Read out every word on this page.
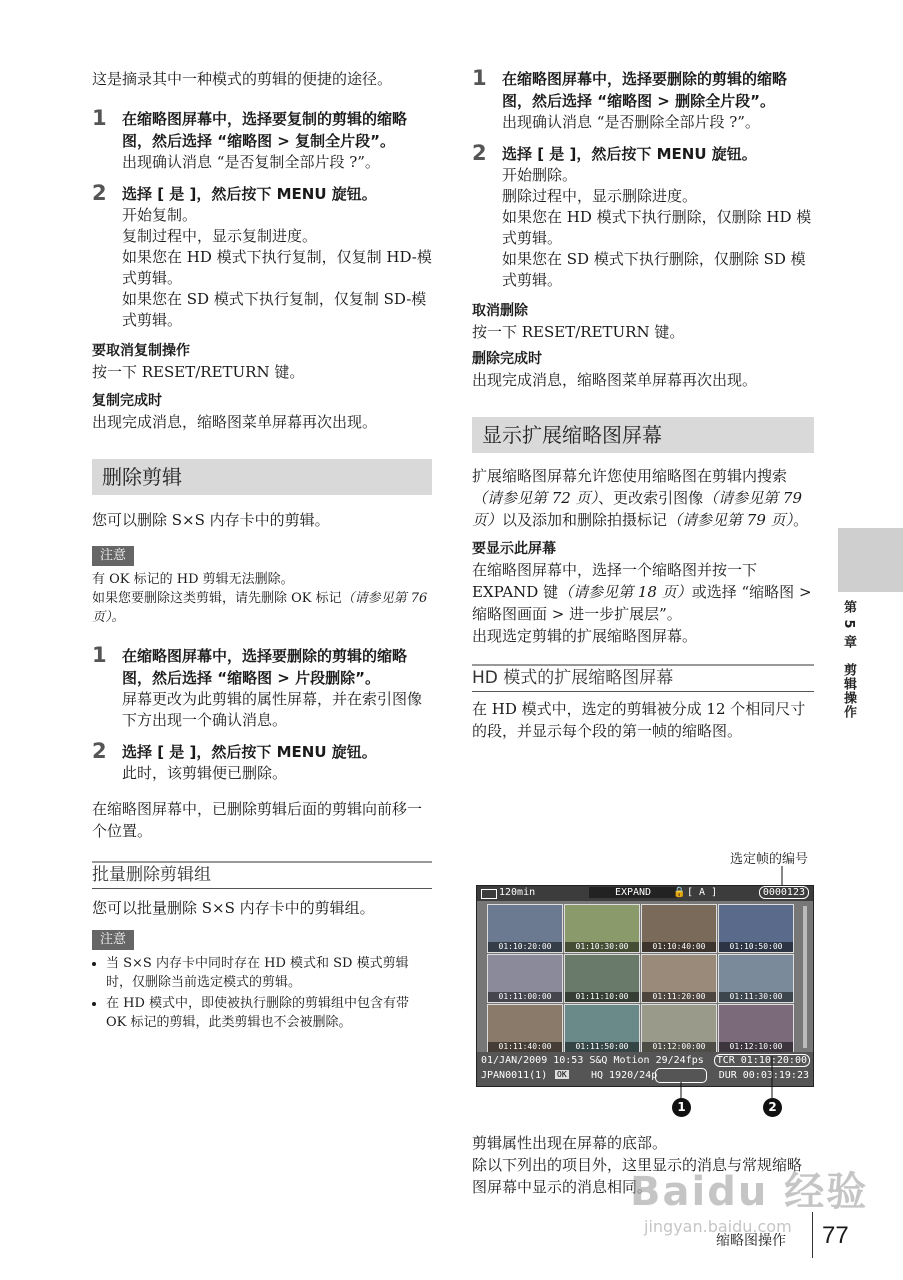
这是摘录其中一种模式的剪辑的便捷的途径。

1 在缩略图屏幕中，选择要复制的剪辑的缩略图，然后选择 “缩略图 > 复制全片段”。
出现确认消息 “是否复制全部片段 ?”。
2 选择 [ 是 ]，然后按下 MENU 旋钮。
开始复制。
复制过程中，显示复制进度。
如果您在 HD 模式下执行复制，仅复制 HD-模式剪辑。
如果您在 SD 模式下执行复制，仅复制 SD-模式剪辑。
要取消复制操作

按一下 RESET/RETURN 键。

复制完成时

出现完成消息，缩略图菜单屏幕再次出现。

删除剪辑

您可以删除 S×S 内存卡中的剪辑。

注意
有 OK 标记的 HD 剪辑无法删除。
如果您要删除这类剪辑，请先删除 OK 标记（请参见第 76 页）。
1 在缩略图屏幕中，选择要删除的剪辑的缩略图，然后选择 “缩略图 > 片段删除”。
屏幕更改为此剪辑的属性屏幕，并在索引图像下方出现一个确认消息。
2 选择 [ 是 ]，然后按下 MENU 旋钮。
此时，该剪辑便已删除。

在缩略图屏幕中，已删除剪辑后面的剪辑向前移一个位置。

批量删除剪辑组

您可以批量删除 S×S 内存卡中的剪辑组。

注意
• 当 S×S 内存卡中同时存在 HD 模式和 SD 模式剪辑时，仅删除当前选定模式的剪辑。
• 在 HD 模式中，即使被执行删除的剪辑组中包含有带 OK 标记的剪辑，此类剪辑也不会被删除。
1 在缩略图屏幕中，选择要删除的剪辑的缩略图，然后选择 “缩略图 > 删除全片段”。
出现确认消息 “是否删除全部片段 ?”。
2 选择 [ 是 ]，然后按下 MENU 旋钮。
开始删除。
删除过程中，显示删除进度。
如果您在 HD 模式下执行删除，仅删除 HD 模式剪辑。
如果您在 SD 模式下执行删除，仅删除 SD 模式剪辑。
取消删除

按一下 RESET/RETURN 键。

删除完成时

出现完成消息，缩略图菜单屏幕再次出现。

显示扩展缩略图屏幕

扩展缩略图屏幕允许您使用缩略图在剪辑内搜索（请参见第 72 页）、更改索引图像（请参见第 79 页）以及添加和删除拍摄标记（请参见第 79 页）。

要显示此屏幕

在缩略图屏幕中，选择一个缩略图并按一下 EXPAND 键（请参见第 18 页）或选择 “缩略图 > 缩略图画面 > 进一步扩展层”。

出现选定剪辑的扩展缩略图屏幕。

HD 模式的扩展缩略图屏幕

在 HD 模式中，选定的剪辑被分成 12 个相同尺寸的段，并显示每个段的第一帧的缩略图。

选定帧的编号
120min	EXPAND	🔒 [ A ]	0000123
01:10:20:00	01:10:30:00	01:10:40:00	01:10:50:00
01:11:00:00	01:11:10:00	01:11:20:00	01:11:30:00
01:11:40:00	01:11:50:00	01:12:00:00	01:12:10:00
01/JAN/2009 10:53 S&Q Motion 29/24fps	TCR 01:10:20:00
JPAN0011(1) OK HQ 1920/24p	DUR 00:03:19:23
1	2

剪辑属性出现在屏幕的底部。

除以下列出的项目外，这里显示的消息与常规缩略图屏幕中显示的消息相同。

第 5 章　剪辑操作
缩略图操作 77
Baidu 经验
jingyan.baidu.com
